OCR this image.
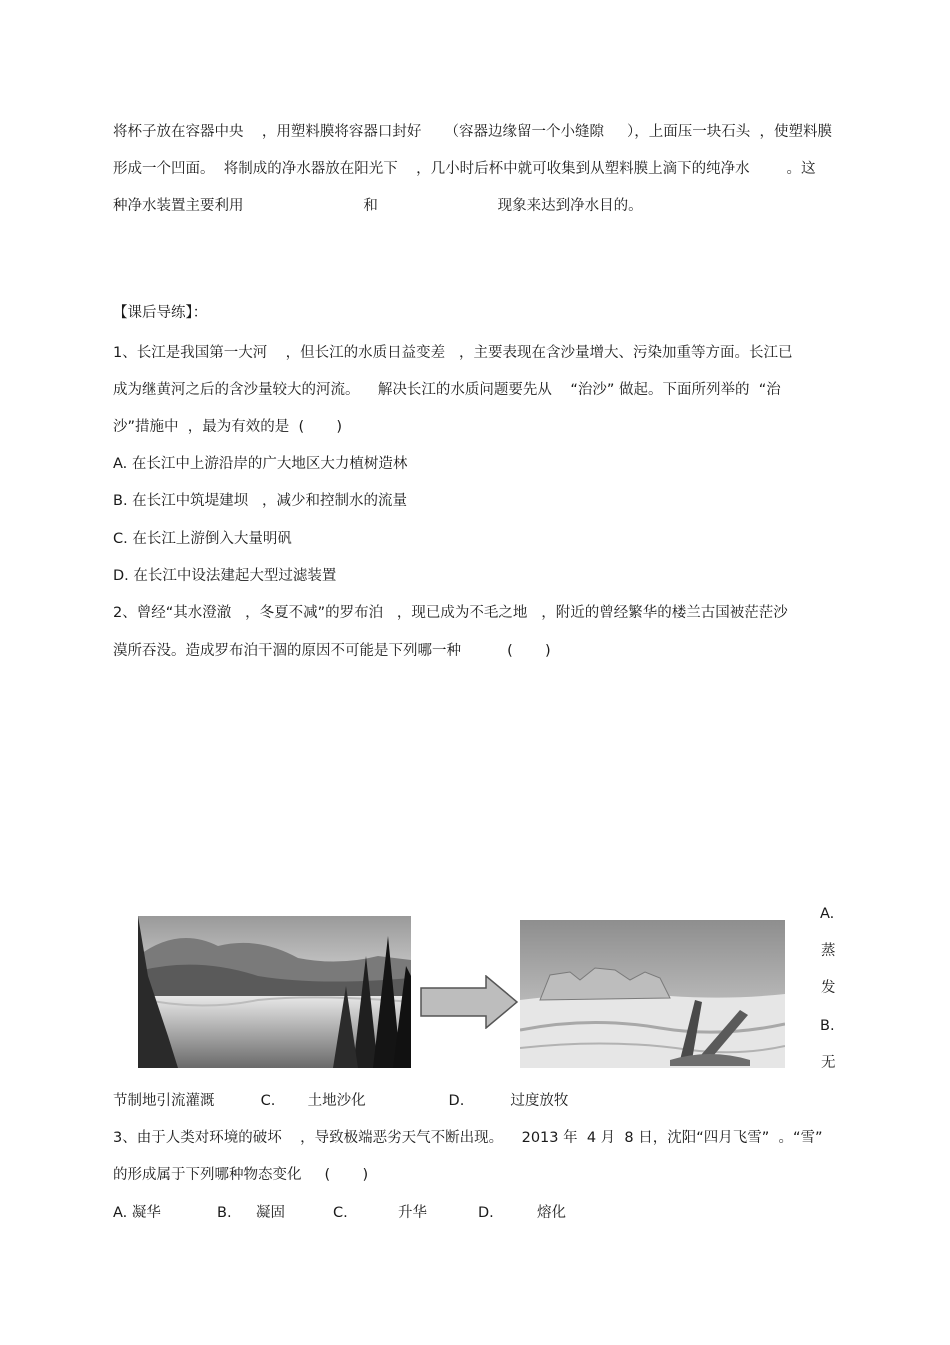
将杯子放在容器中央    ，用塑料膜将容器口封好     （容器边缘留一个小缝隙     ），上面压一块石头  ，使塑料膜
形成一个凹面。  将制成的净水器放在阳光下    ，几小时后杯中就可收集到从塑料膜上滴下的纯净水        。这
种净水装置主要利用                          和                          现象来达到净水目的。
【课后导练】：
1、长江是我国第一大河    ，但长江的水质日益变差   ，主要表现在含沙量增大、污染加重等方面。长江已
成为继黄河之后的含沙量较大的河流。    解决长江的水质问题要先从    “治沙” 做起。下面所列举的  “治
沙”措施中  ，最为有效的是  (       )
A. 在长江中上游沿岸的广大地区大力植树造林
B. 在长江中筑堤建坝   ，减少和控制水的流量
C. 在长江上游倒入大量明矾
D. 在长江中设法建起大型过滤装置
2、曾经“其水澄澈   ，冬夏不减”的罗布泊   ，现已成为不毛之地   ，附近的曾经繁华的楼兰古国被茫茫沙
漠所吞没。造成罗布泊干涸的原因不可能是下列哪一种          (       )
A.
蒸
发
B.
无
节制地引流灌溉          C.       土地沙化                  D.          过度放牧
3、由于人类对环境的破坏    ，导致极端恶劣天气不断出现。    2013 年  4 月  8 日，沈阳“四月飞雪”  。“雪”
的形成属于下列哪种物态变化     (       )
A. 凝华	B. 凝固	C.	升华	D.	熔化
